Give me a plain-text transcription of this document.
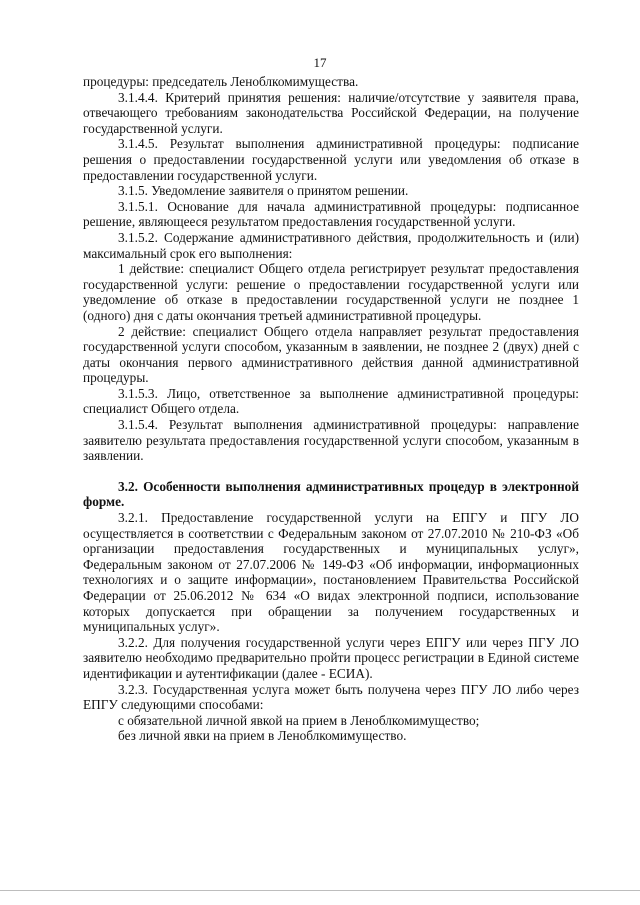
17

процедуры: председатель Леноблкомимущества.

3.1.4.4. Критерий принятия решения: наличие/отсутствие у заявителя права, отвечающего требованиям законодательства Российской Федерации, на получение государственной услуги.

3.1.4.5. Результат выполнения административной процедуры: подписание решения о предоставлении государственной услуги или уведомления об отказе в предоставлении государственной услуги.

3.1.5. Уведомление заявителя о принятом решении.

3.1.5.1. Основание для начала административной процедуры: подписанное решение, являющееся результатом предоставления государственной услуги.

3.1.5.2. Содержание административного действия, продолжительность и (или) максимальный срок его выполнения:

1 действие: специалист Общего отдела регистрирует результат предоставления государственной услуги: решение о предоставлении государственной услуги или уведомление об отказе в предоставлении государственной услуги не позднее 1 (одного) дня с даты окончания третьей административной процедуры.

2 действие: специалист Общего отдела направляет результат предоставления государственной услуги способом, указанным в заявлении, не позднее 2 (двух) дней с даты окончания первого административного действия данной административной процедуры.

3.1.5.3. Лицо, ответственное за выполнение административной процедуры: специалист Общего отдела.

3.1.5.4. Результат выполнения административной процедуры: направление заявителю результата предоставления государственной услуги способом, указанным в заявлении.

3.2. Особенности выполнения административных процедур в электронной форме.

3.2.1. Предоставление государственной услуги на ЕПГУ и ПГУ ЛО осуществляется в соответствии с Федеральным законом от 27.07.2010 № 210-ФЗ «Об организации предоставления государственных и муниципальных услуг», Федеральным законом от 27.07.2006 № 149-ФЗ «Об информации, информационных технологиях и о защите информации», постановлением Правительства Российской Федерации от 25.06.2012 № 634 «О видах электронной подписи, использование которых допускается при обращении за получением государственных и муниципальных услуг».

3.2.2. Для получения государственной услуги через ЕПГУ или через ПГУ ЛО заявителю необходимо предварительно пройти процесс регистрации в Единой системе идентификации и аутентификации (далее - ЕСИА).

3.2.3. Государственная услуга может быть получена через ПГУ ЛО либо через ЕПГУ следующими способами:

с обязательной личной явкой на прием в Леноблкомимущество;

без личной явки на прием в Леноблкомимущество.
